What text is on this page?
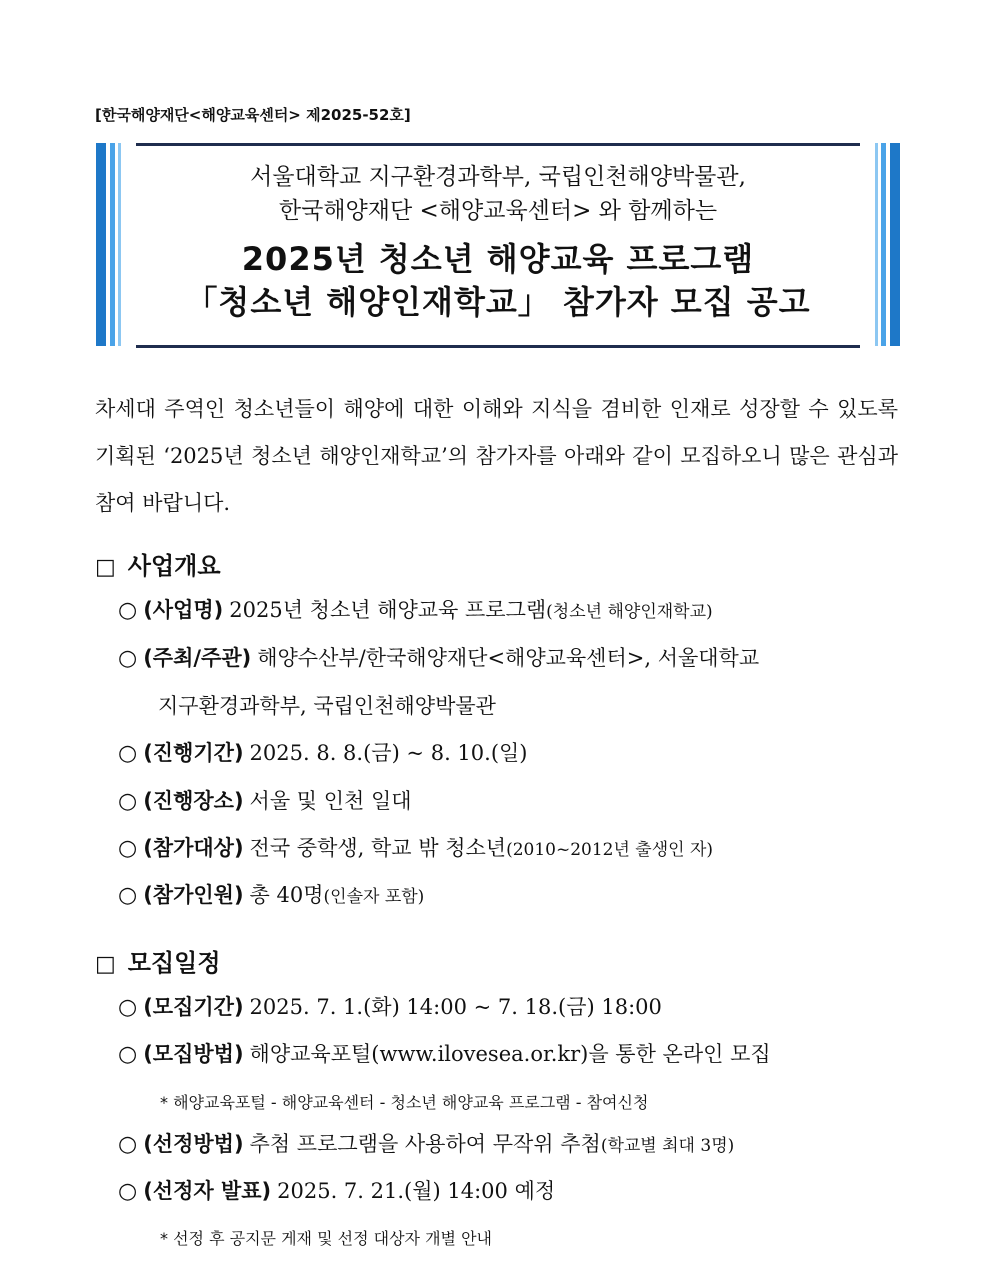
[한국해양재단<해양교육센터> 제2025-52호]
서울대학교 지구환경과학부, 국립인천해양박물관,
한국해양재단 <해양교육센터> 와 함께하는
2025년 청소년 해양교육 프로그램
「청소년 해양인재학교」 참가자 모집 공고
차세대 주역인 청소년들이 해양에 대한 이해와 지식을 겸비한 인재로 성장할 수 있도록 기획된 ‘2025년 청소년 해양인재학교’의 참가자를 아래와 같이 모집하오니 많은 관심과 참여 바랍니다.
□ 사업개요
○ (사업명) 2025년 청소년 해양교육 프로그램(청소년 해양인재학교)
○ (주최/주관) 해양수산부/한국해양재단<해양교육센터>, 서울대학교
지구환경과학부, 국립인천해양박물관
○ (진행기간) 2025. 8. 8.(금) ~ 8. 10.(일)
○ (진행장소) 서울 및 인천 일대
○ (참가대상) 전국 중학생, 학교 밖 청소년(2010~2012년 출생인 자)
○ (참가인원) 총 40명(인솔자 포함)
□ 모집일정
○ (모집기간) 2025. 7. 1.(화) 14:00 ~ 7. 18.(금) 18:00
○ (모집방법) 해양교육포털(www.ilovesea.or.kr)을 통한 온라인 모집
* 해양교육포털 - 해양교육센터 - 청소년 해양교육 프로그램 - 참여신청
○ (선정방법) 추첨 프로그램을 사용하여 무작위 추첨(학교별 최대 3명)
○ (선정자 발표) 2025. 7. 21.(월) 14:00 예정
* 선정 후 공지문 게재 및 선정 대상자 개별 안내
